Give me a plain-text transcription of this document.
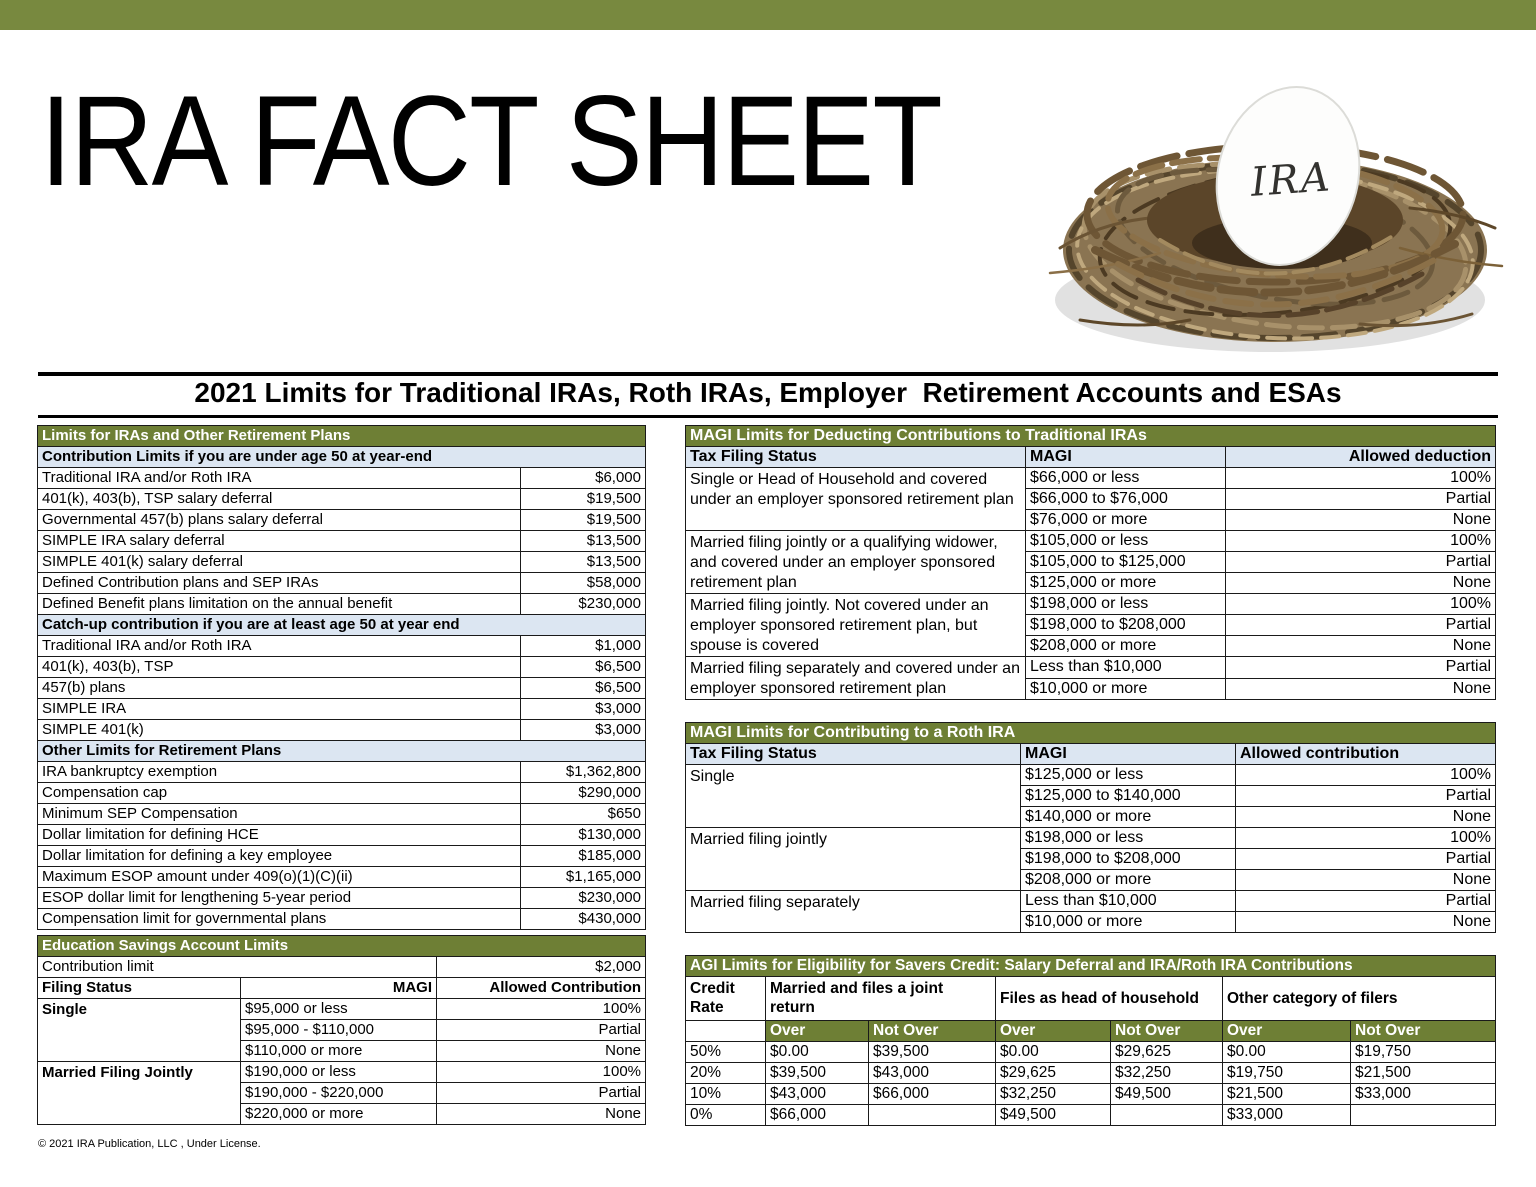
IRA FACT SHEET	IRA
2021 Limits for Traditional IRAs, Roth IRAs, Employer  Retirement Accounts and ESAs
Limits for IRAs and Other Retirement Plans	
Contribution Limits if you are under age 50 at year-end	
Traditional IRA and/or Roth IRA	$6,000
401(k), 403(b), TSP salary deferral	$19,500
Governmental 457(b) plans salary deferral	$19,500
SIMPLE IRA salary deferral	$13,500
SIMPLE 401(k) salary deferral	$13,500
Defined Contribution plans and SEP IRAs	$58,000
Defined Benefit plans limitation on the annual benefit	$230,000
Catch-up contribution if you are at least age 50 at year end	
Traditional IRA and/or Roth IRA	$1,000
401(k), 403(b), TSP	$6,500
457(b) plans	$6,500
SIMPLE IRA	$3,000
SIMPLE 401(k)	$3,000
Other Limits for Retirement Plans	
IRA bankruptcy exemption	$1,362,800
Compensation cap	$290,000
Minimum SEP Compensation	$650
Dollar limitation for defining HCE	$130,000
Dollar limitation for defining a key employee	$185,000
Maximum ESOP amount under 409(o)(1)(C)(ii)	$1,165,000
ESOP dollar limit for lengthening 5-year period	$230,000
Compensation limit for governmental plans	$430,000
Education Savings Account Limits		
Contribution limit		$2,000
Filing Status	MAGI	Allowed Contribution
Single	$95,000 or less	100%
	$95,000 - $110,000	Partial
	$110,000 or more	None
Married Filing Jointly	$190,000 or less	100%
	$190,000 - $220,000	Partial
	$220,000 or more	None
MAGI Limits for Deducting Contributions to Traditional IRAs		
Tax Filing Status	MAGI	Allowed deduction
Single or Head of Household and covered under an employer sponsored retirement plan	$66,000 or less	100%
	$66,000 to $76,000	Partial
	$76,000 or more	None
Married filing jointly or a qualifying widower, and covered under an employer sponsored retirement plan	$105,000 or less	100%
	$105,000 to $125,000	Partial
	$125,000 or more	None
Married filing jointly. Not covered under an employer sponsored retirement plan, but spouse is covered	$198,000 or less	100%
	$198,000 to $208,000	Partial
	$208,000 or more	None
Married filing separately and covered under an employer sponsored retirement plan	Less than $10,000	Partial
	$10,000 or more	None
MAGI Limits for Contributing to a Roth IRA		
Tax Filing Status	MAGI	Allowed contribution
Single	$125,000 or less	100%
	$125,000 to $140,000	Partial
	$140,000 or more	None
Married filing jointly	$198,000 or less	100%
	$198,000 to $208,000	Partial
	$208,000 or more	None
Married filing separately	Less than $10,000	Partial
	$10,000 or more	None
AGI Limits for Eligibility for Savers Credit: Salary Deferral and IRA/Roth IRA Contributions						
Credit Rate	Married and files a joint return		Files as head of household		Other category of filers	
	Over	Not Over	Over	Not Over	Over	Not Over
50%	$0.00	$39,500	$0.00	$29,625	$0.00	$19,750
20%	$39,500	$43,000	$29,625	$32,250	$19,750	$21,500
10%	$43,000	$66,000	$32,250	$49,500	$21,500	$33,000
0%	$66,000		$49,500		$33,000	
© 2021 IRA Publication, LLC , Under License.
